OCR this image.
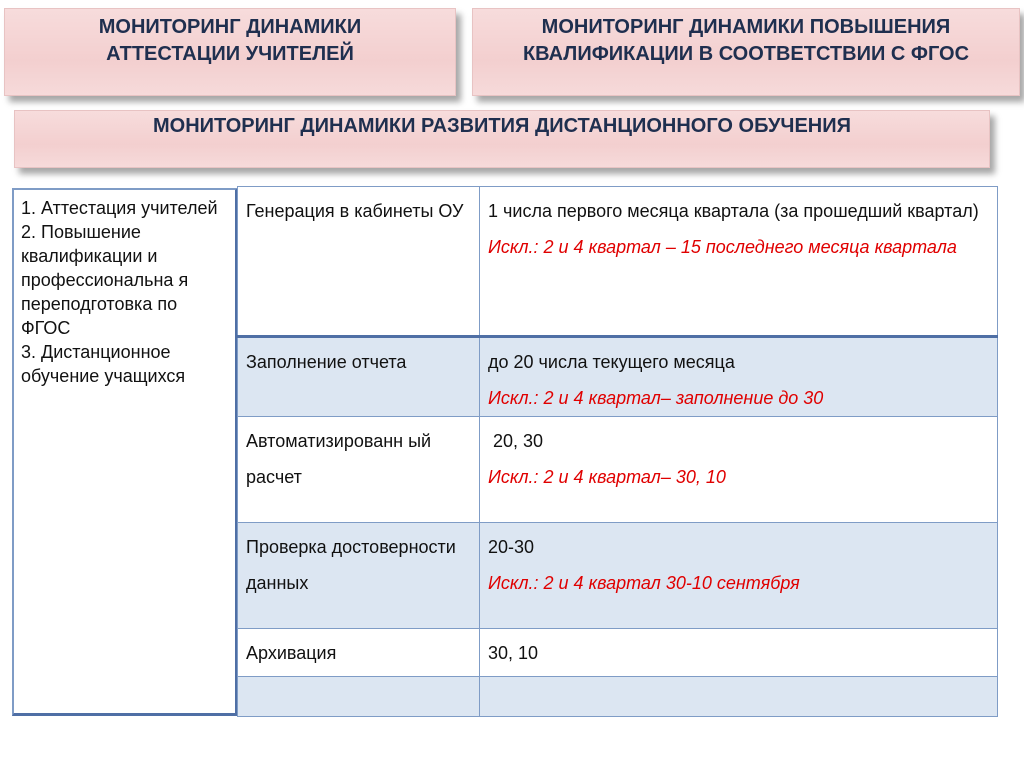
МОНИТОРИНГ ДИНАМИКИ
АТТЕСТАЦИИ УЧИТЕЛЕЙ
МОНИТОРИНГ ДИНАМИКИ ПОВЫШЕНИЯ
КВАЛИФИКАЦИИ В СООТВЕТСТВИИ С ФГОС
МОНИТОРИНГ ДИНАМИКИ РАЗВИТИЯ ДИСТАНЦИОННОГО ОБУЧЕНИЯ
1. Аттестация учителей
2. Повышение квалификации и профессиональна я переподготовка по ФГОС
3. Дистанционное обучение учащихся
Генерация в кабинеты ОУ	1 числа первого месяца квартала (за прошедший квартал)
Искл.: 2 и 4 квартал – 15 последнего месяца квартала

Заполнение отчета	до 20 числа текущего месяца
Искл.: 2 и 4 квартал– заполнение до 30

Автоматизированн ый расчет	20, 30
Искл.: 2 и 4 квартал– 30, 10

Проверка достоверности данных	20-30
Искл.: 2 и 4 квартал 30-10 сентября

Архивация	30, 10
